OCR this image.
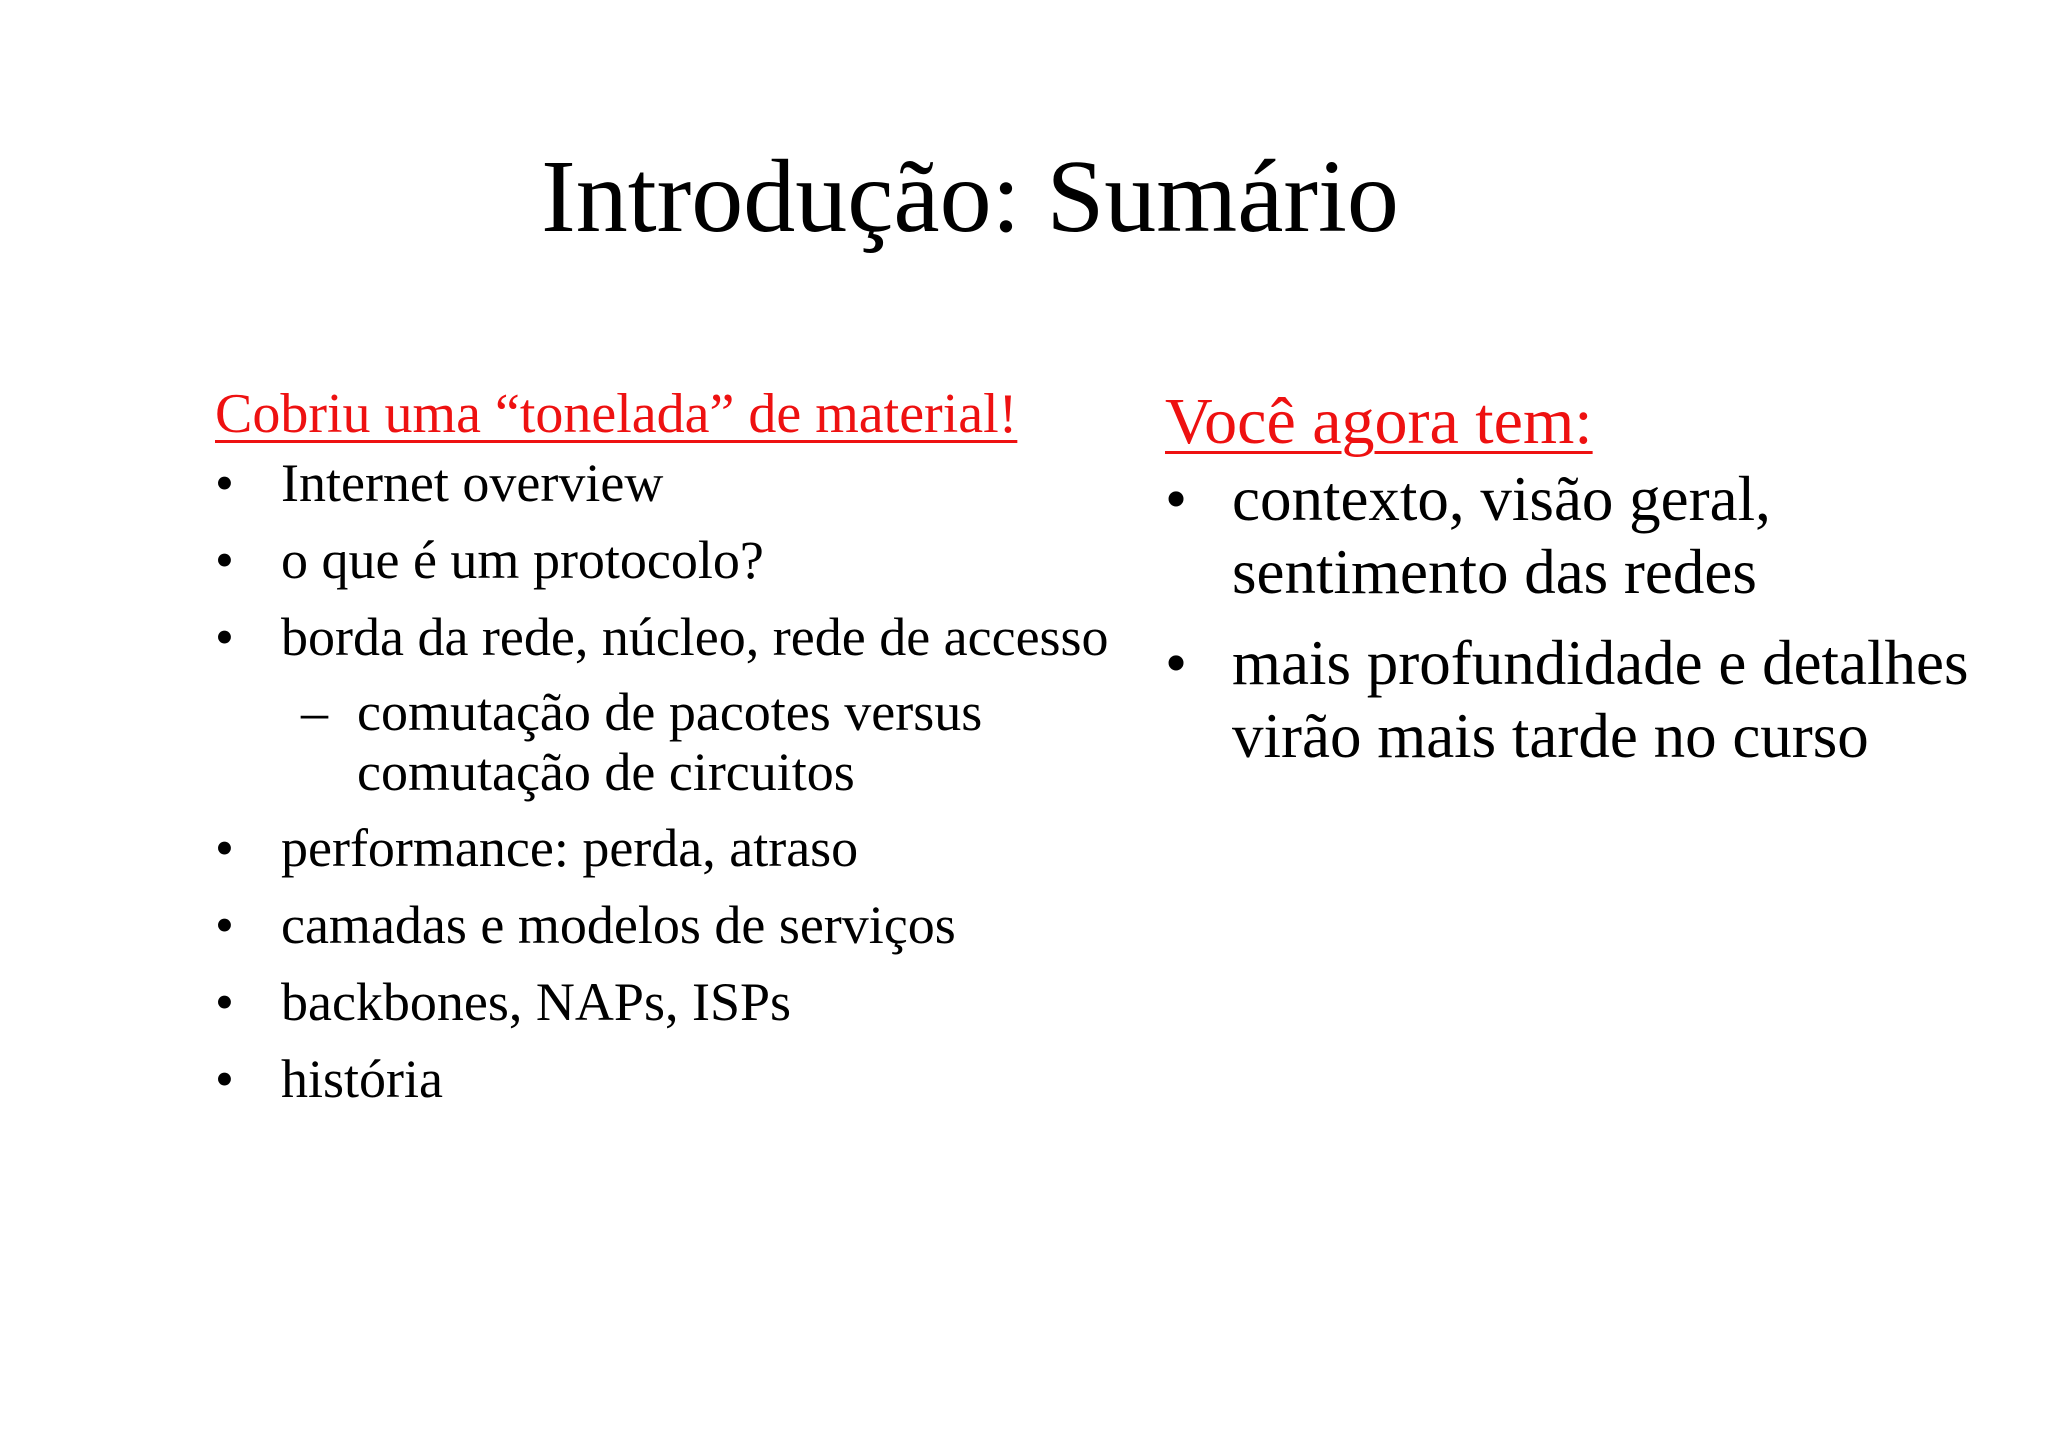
Introdução: Sumário
Cobriu uma “tonelada” de material!
• Internet overview
• o que é um protocolo?
• borda da rede, núcleo, rede de accesso
– comutação de pacotes versus comutação de circuitos
• performance: perda, atraso
• camadas e modelos de serviços
• backbones, NAPs, ISPs
• história
Você agora tem:
• contexto, visão geral, sentimento das redes
• mais profundidade e detalhes virão mais tarde no curso
